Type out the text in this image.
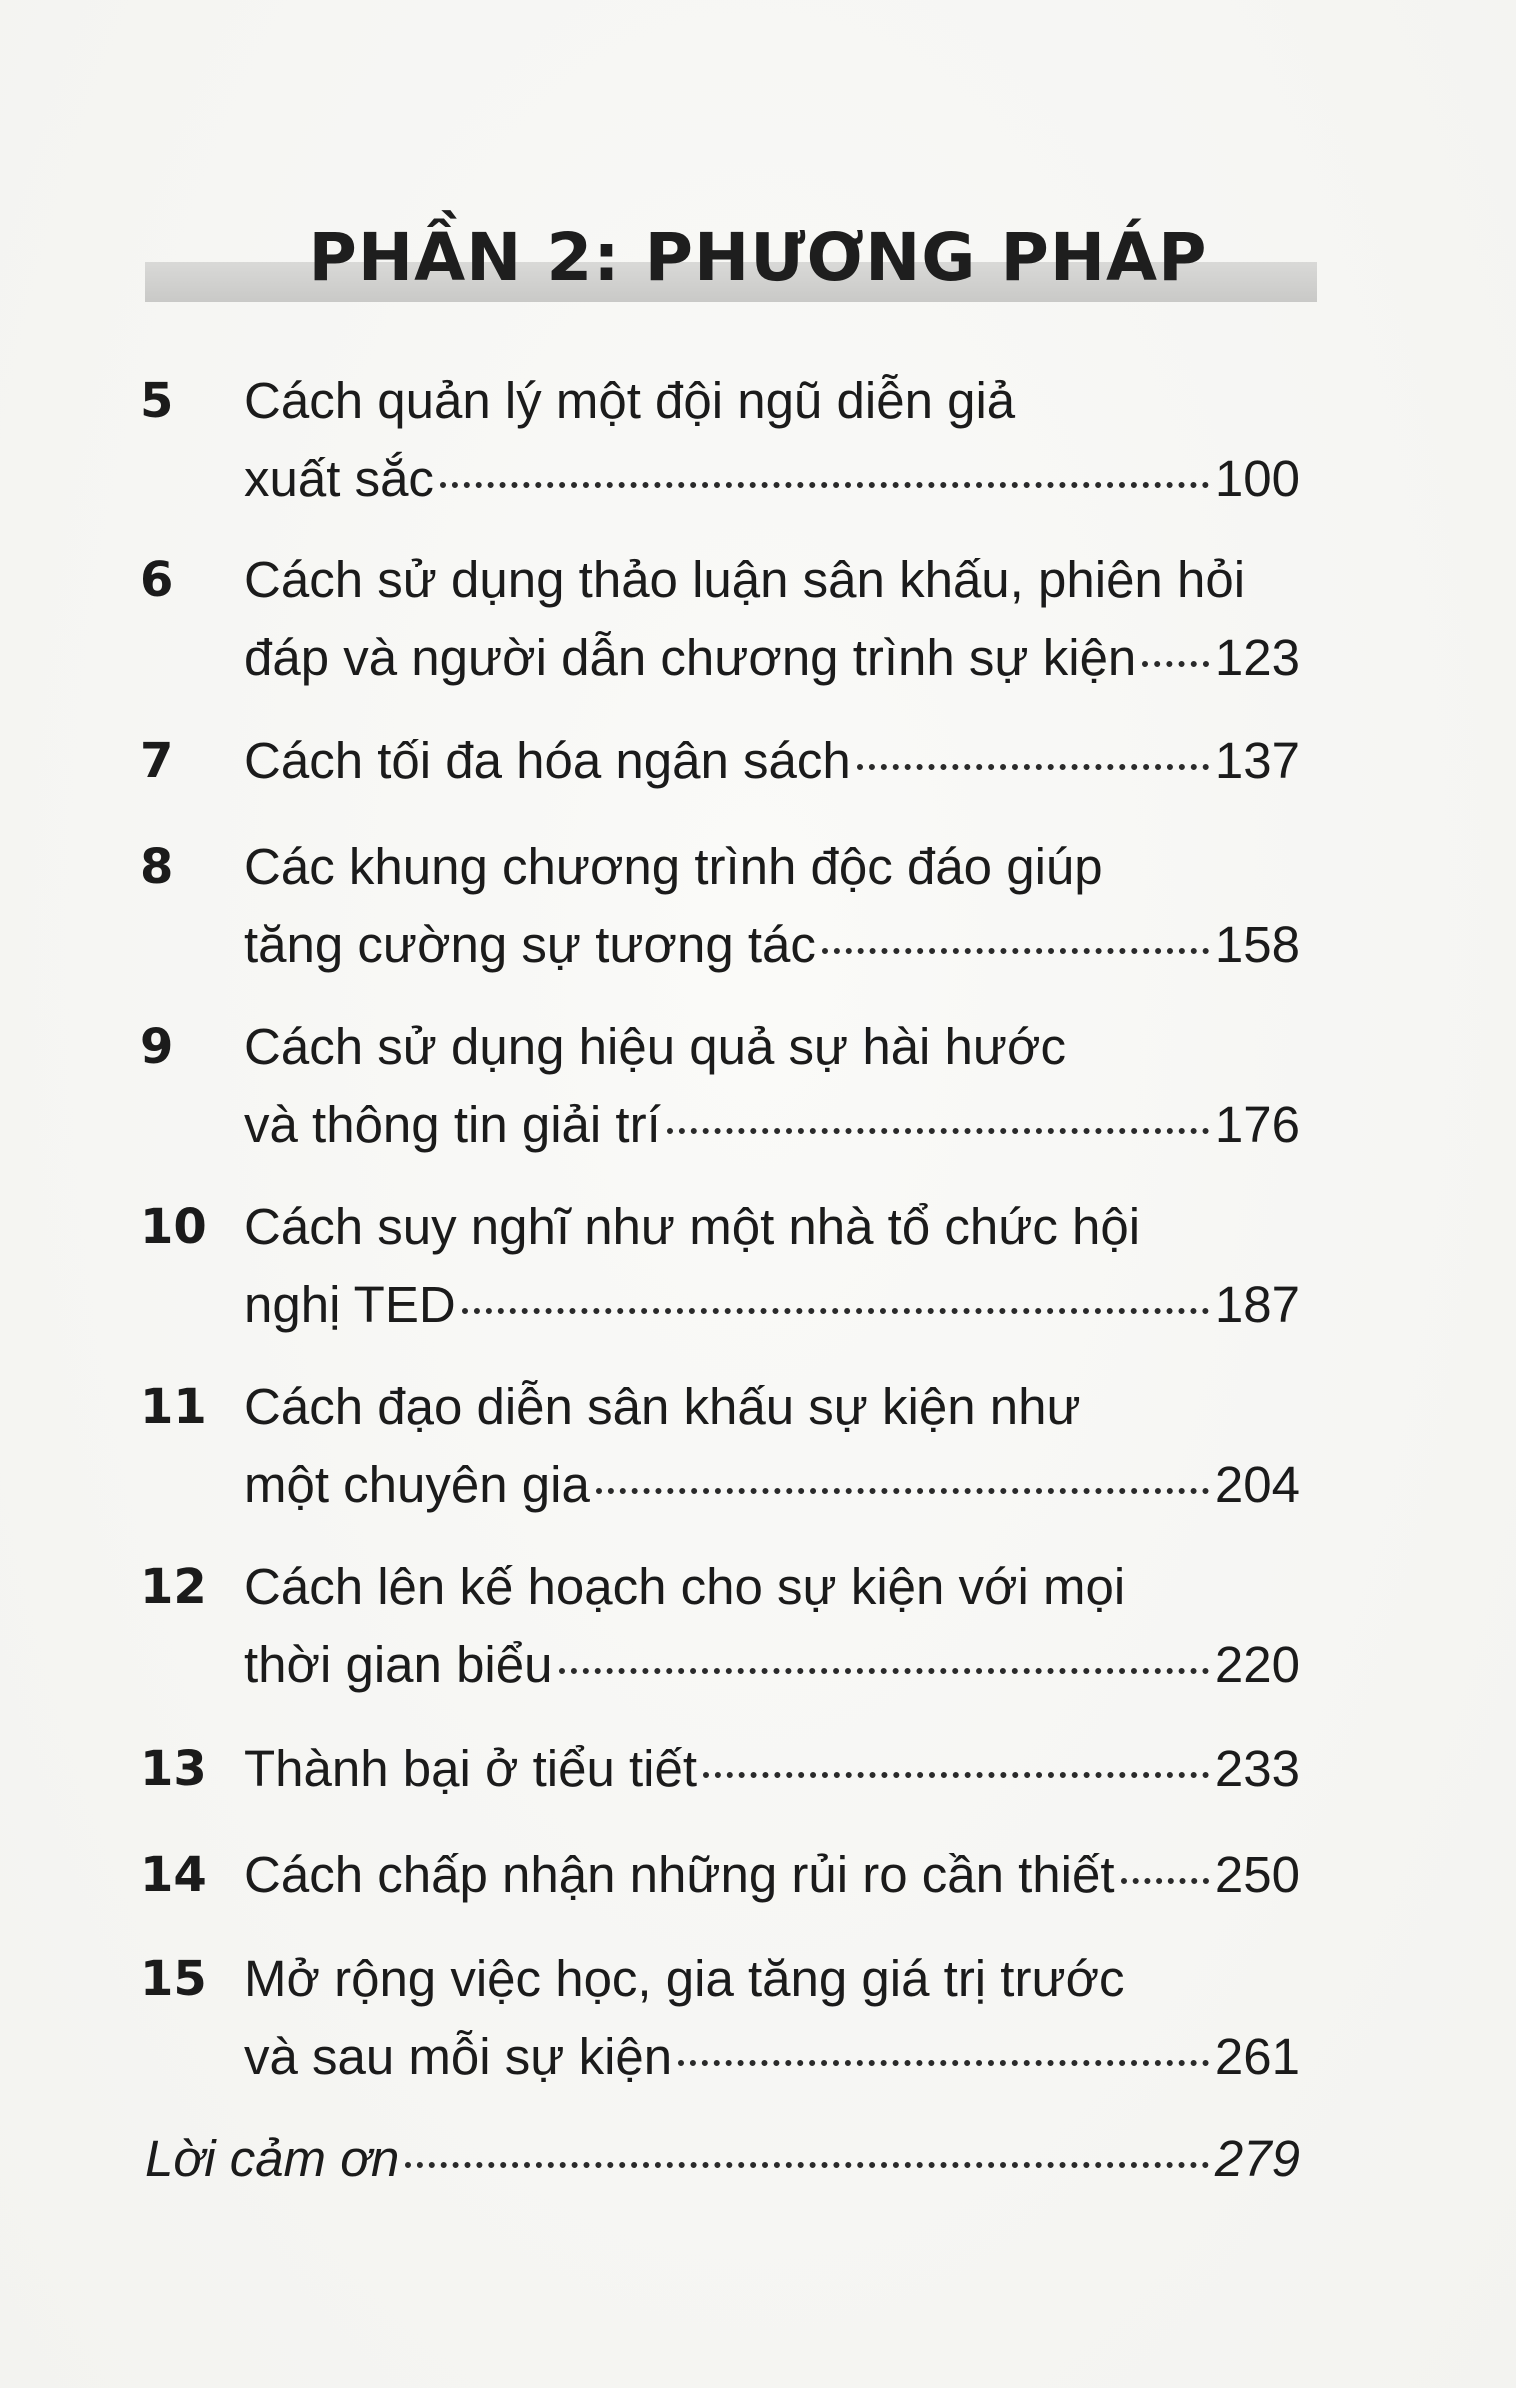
PHẦN 2: PHƯƠNG PHÁP
5 Cách quản lý một đội ngũ diễn giả
xuất sắc	100
6 Cách sử dụng thảo luận sân khấu, phiên hỏi
đáp và người dẫn chương trình sự kiện 123
7 Cách tối đa hóa ngân sách	137
8 Các khung chương trình độc đáo giúp
tăng cường sự tương tác	158
9 Cách sử dụng hiệu quả sự hài hước
và thông tin giải trí	176
10 Cách suy nghĩ như một nhà tổ chức hội
nghị TED	187
11 Cách đạo diễn sân khấu sự kiện như
một chuyên gia	204
12 Cách lên kế hoạch cho sự kiện với mọi
thời gian biểu	220
13 Thành bại ở tiểu tiết	233
14 Cách chấp nhận những rủi ro cần thiết 250
15 Mở rộng việc học, gia tăng giá trị trước
và sau mỗi sự kiện	261
Lời cảm ơn	279
